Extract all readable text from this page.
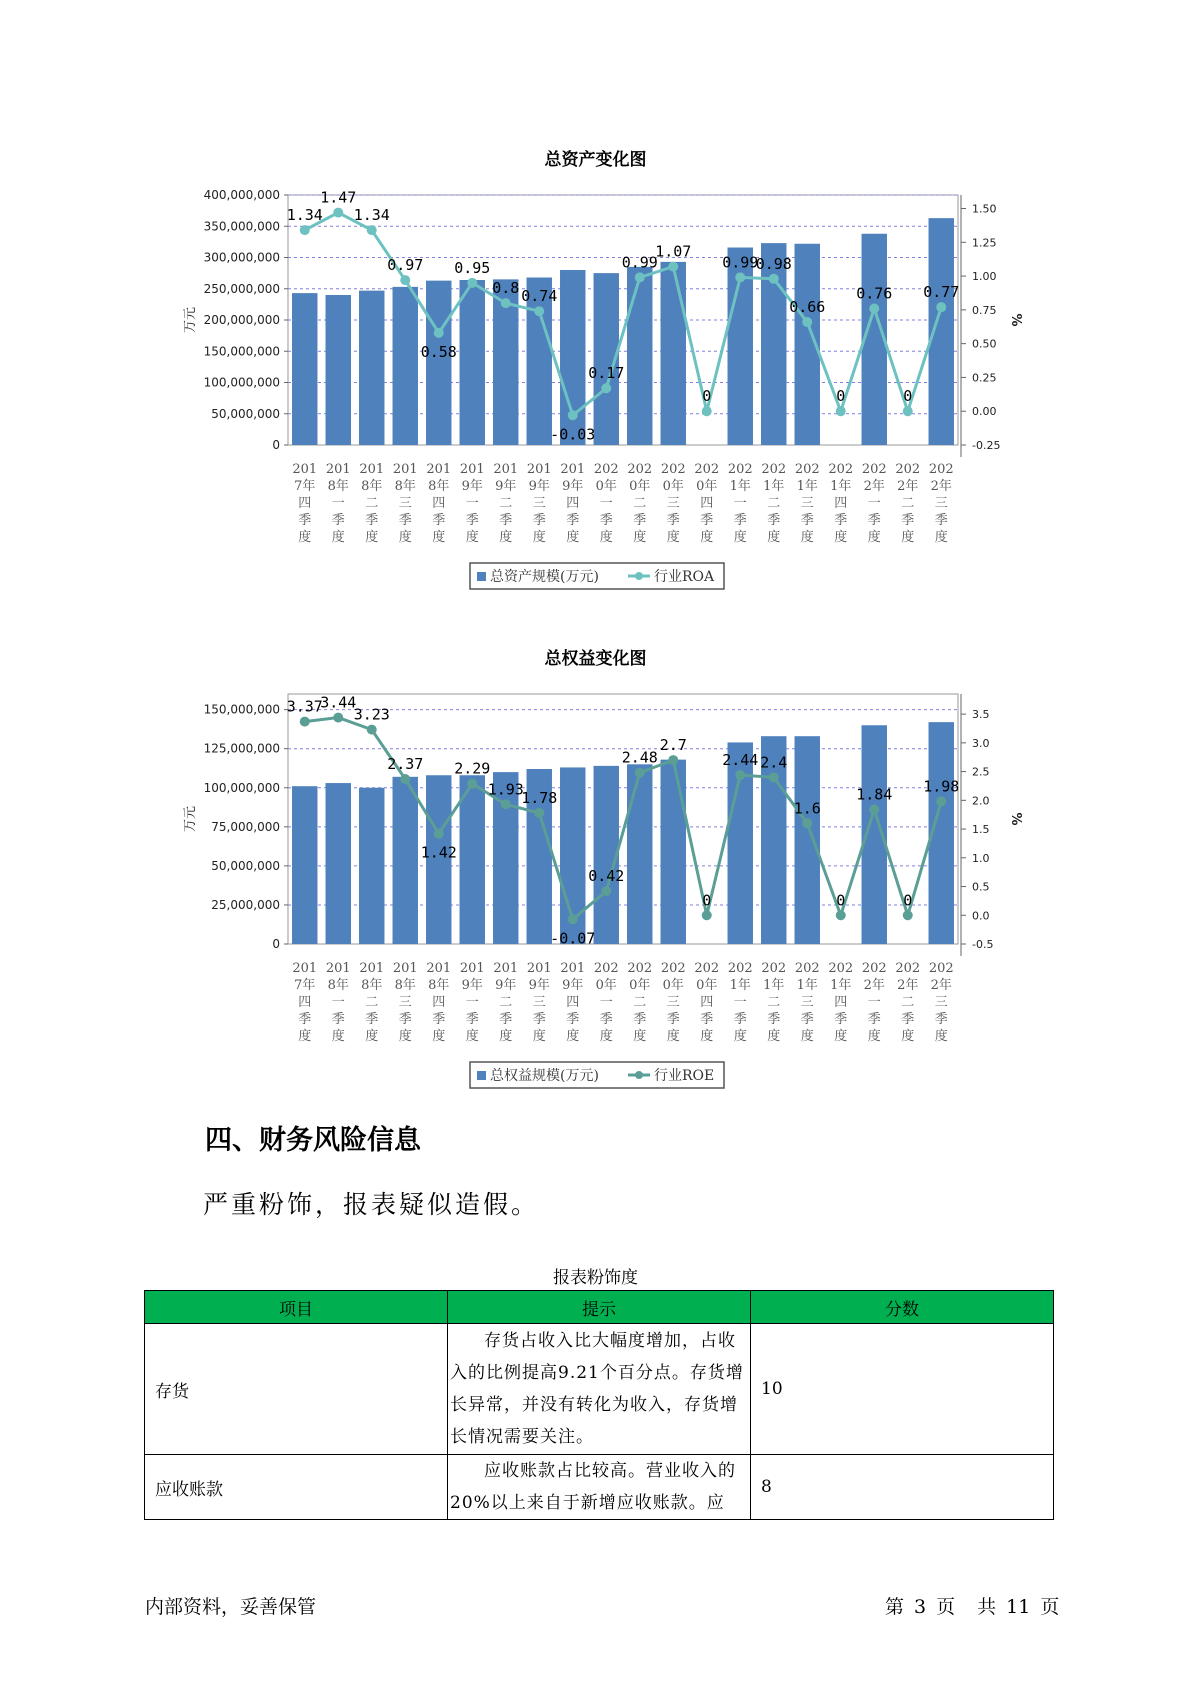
总资产变化图
0
50,000,000
100,000,000
150,000,000
200,000,000
250,000,000
300,000,000
350,000,000
400,000,000
-0.25
0.00
0.25
0.50
0.75
1.00
1.25
1.50
万元	%
1.34
1.47
1.34
0.97
0.58
0.95
0.8 0.74
-0.03
0.17
0.99
1.07
0
0.99
0.98
0.66
0
0.76
0
0.77
201
7年
四
季
度
201
8年
一
季
度
201
8年
二
季
度
201
8年
三
季
度
201
8年
四
季
度
201
9年
一
季
度
201
9年
二
季
度
201
9年
三
季
度
201
9年
四
季
度
202
0年
一
季
度
202
0年
二
季
度
202
0年
三
季
度
202
0年
四
季
度
202
1年
一
季
度
202
1年
二
季
度
202
1年
三
季
度
202
1年
四
季
度
202
2年
一
季
度
202
2年
二
季
度
202
2年
三
季
度
总资产规模(万元)	行业ROA
总权益变化图
0
25,000,000
50,000,000
75,000,000
100,000,000
125,000,000
150,000,000
-0.5
0.0
0.5
1.0
1.5
2.0
2.5
3.0
3.5
万元	%
3.37
3.44
3.23
2.37
1.42
2.29
1.93
1.78
-0.07
0.42
2.48
2.7
0
2.44 2.4
1.6
0
1.84
0
1.98
201
7年
四
季
度
201
8年
一
季
度
201
8年
二
季
度
201
8年
三
季
度
201
8年
四
季
度
201
9年
一
季
度
201
9年
二
季
度
201
9年
三
季
度
201
9年
四
季
度
202
0年
一
季
度
202
0年
二
季
度
202
0年
三
季
度
202
0年
四
季
度
202
1年
一
季
度
202
1年
二
季
度
202
1年
三
季
度
202
1年
四
季
度
202
2年
一
季
度
202
2年
二
季
度
202
2年
三
季
度
总权益规模(万元)	行业ROE
四、财务风险信息

严重粉饰，报表疑似造假。

报表粉饰度
项目	提示	分数
存货	存货占收入比大幅度增加，占收入的比例提高9.21个百分点。存货增长异常，并没有转化为收入，存货增长情况需要关注。	10
应收账款	应收账款占比较高。营业收入的20%以上来自于新增应收账款。应	8
内部资料，妥善保管	第 3 页 共 11 页
